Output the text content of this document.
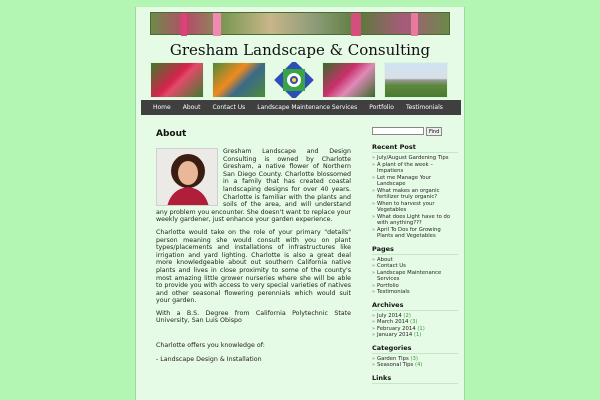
Gresham Landscape & Consulting
Home About Contact Us Landscape Maintenance Services Portfolio Testimonials
About

Gresham Landscape and Design Consulting is owned by Charlotte Gresham, a native flower of Northern San Diego County. Charlotte blossomed in a family that has created coastal landscaping designs for over 40 years. Charlotte is familiar with the plants and soils of the area, and will understand any problem you encounter. She doesn't want to replace your weekly gardener, just enhance your garden experience.

Charlotte would take on the role of your primary "details" person meaning she would consult with you on plant types/placements and installations of infrastructures like irrigation and yard lighting. Charlotte is also a great deal more knowledgeable about out southern California native plants and lives in close proximity to some of the county's most amazing little grower nurseries where she will be able to provide you with access to very special varieties of natives and other seasonal flowering perennials which would suit your garden.

With a B.S. Degree from California Polytechnic State University, San Luis Obispo

Charlotte offers you knowledge of:

- Landscape Design & Installation

Find
Recent Post
» July/August Gardening Tips
» A plant of the week – Impatiens
» Let me Manage Your Landscape
» What makes an organic fertilizer truly organic?
» When to harvest your Vegetables
» What does Light have to do with anything???
» April To Dos for Growing Plants and Vegetables
Pages
» About
» Contact Us
» Landscape Maintenance Services
» Portfolio
» Testimonials
Archives
» July 2014 (2)
» March 2014 (3)
» February 2014 (1)
» January 2014 (1)
Categories
» Garden Tips (3)
» Seasonal Tips (4)
Links
